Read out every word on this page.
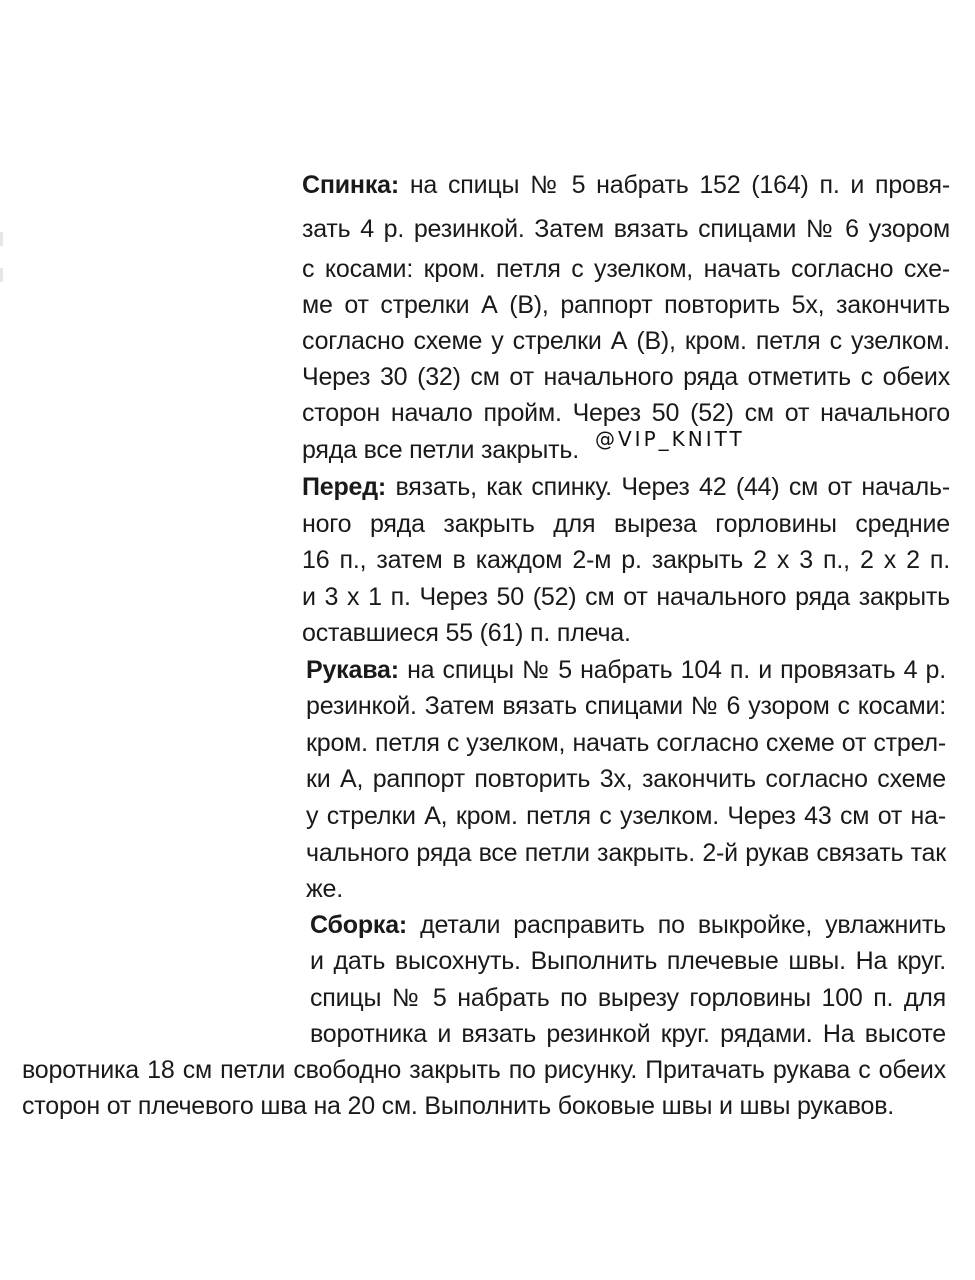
Спинка: на спицы № 5 набрать 152 (164) п. и провя-
зать 4 р. резинкой. Затем вязать спицами № 6 узором
с косами: кром. петля с узелком, начать согласно схе-
ме от стрелки А (В), раппорт повторить 5х, закончить
согласно схеме у стрелки А (В), кром. петля с узелком.
Через 30 (32) см от начального ряда отметить с обеих
сторон начало пройм. Через 50 (52) см от начального
ряда все петли закрыть. @VIP_KNITT
Перед: вязать, как спинку. Через 42 (44) см от началь-
ного ряда закрыть для выреза горловины средние
16 п., затем в каждом 2-м р. закрыть 2 х 3 п., 2 х 2 п.
и 3 х 1 п. Через 50 (52) см от начального ряда закрыть
оставшиеся 55 (61) п. плеча.
Рукава: на спицы № 5 набрать 104 п. и провязать 4 р.
резинкой. Затем вязать спицами № 6 узором с косами:
кром. петля с узелком, начать согласно схеме от стрел-
ки А, раппорт повторить 3х, закончить согласно схеме
у стрелки А, кром. петля с узелком. Через 43 см от на-
чального ряда все петли закрыть. 2-й рукав связать так
же.
Сборка: детали расправить по выкройке, увлажнить
и дать высохнуть. Выполнить плечевые швы. На круг.
спицы № 5 набрать по вырезу горловины 100 п. для
воротника и вязать резинкой круг. рядами. На высоте
воротника 18 см петли свободно закрыть по рисунку. Притачать рукава с обеих
сторон от плечевого шва на 20 см. Выполнить боковые швы и швы рукавов.
